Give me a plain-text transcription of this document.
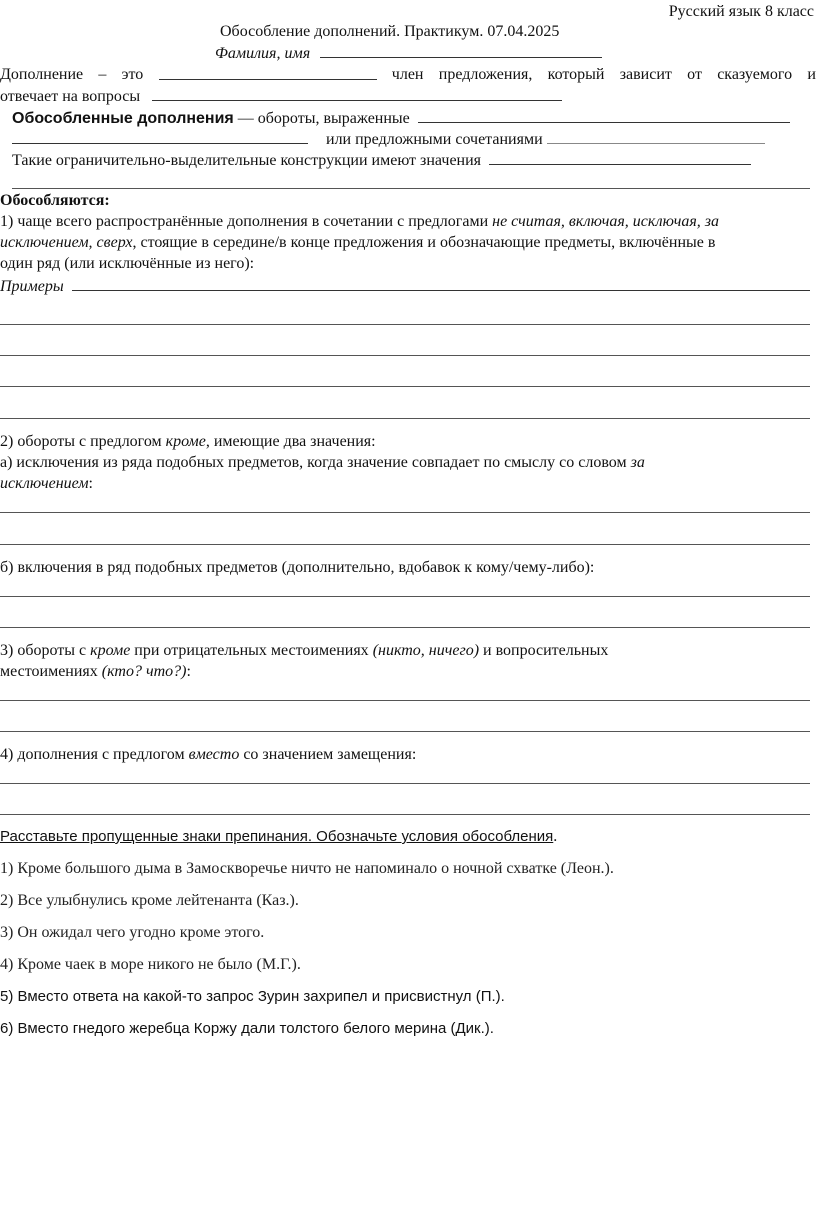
Русский язык 8 класс
Обособление дополнений. Практикум. 07.04.2025
Фамилия, имя
Дополнение – это	член предложения, который зависит от сказуемого и
отвечает на вопросы
Обособленные дополнения — обороты, выраженные
или предложными сочетаниями
Такие ограничительно-выделительные конструкции имеют значения
Обособляются:
1) чаще всего распространённые дополнения в сочетании с предлогами не считая, включая, исключая, за
исключением, сверх, стоящие в середине/в конце предложения и обозначающие предметы, включённые в
один ряд (или исключённые из него):
Примеры
2) обороты с предлогом кроме, имеющие два значения:
а) исключения из ряда подобных предметов, когда значение совпадает по смыслу со словом за
исключением:
б) включения в ряд подобных предметов (дополнительно, вдобавок к кому/чему-либо):
3) обороты с кроме при отрицательных местоимениях (никто, ничего) и вопросительных
местоимениях (кто? что?):
4) дополнения с предлогом вместо со значением замещения:
Расставьте пропущенные знаки препинания. Обозначьте условия обособления.
1) Кроме большого дыма в Замоскворечье ничто не напоминало о ночной схватке (Леон.).
2) Все улыбнулись кроме лейтенанта (Каз.).
3) Он ожидал чего угодно кроме этого.
4) Кроме чаек в море никого не было (М.Г.).
5) Вместо ответа на какой-то запрос Зурин захрипел и присвистнул (П.).
6) Вместо гнедого жеребца Коржу дали толстого белого мерина (Дик.).
